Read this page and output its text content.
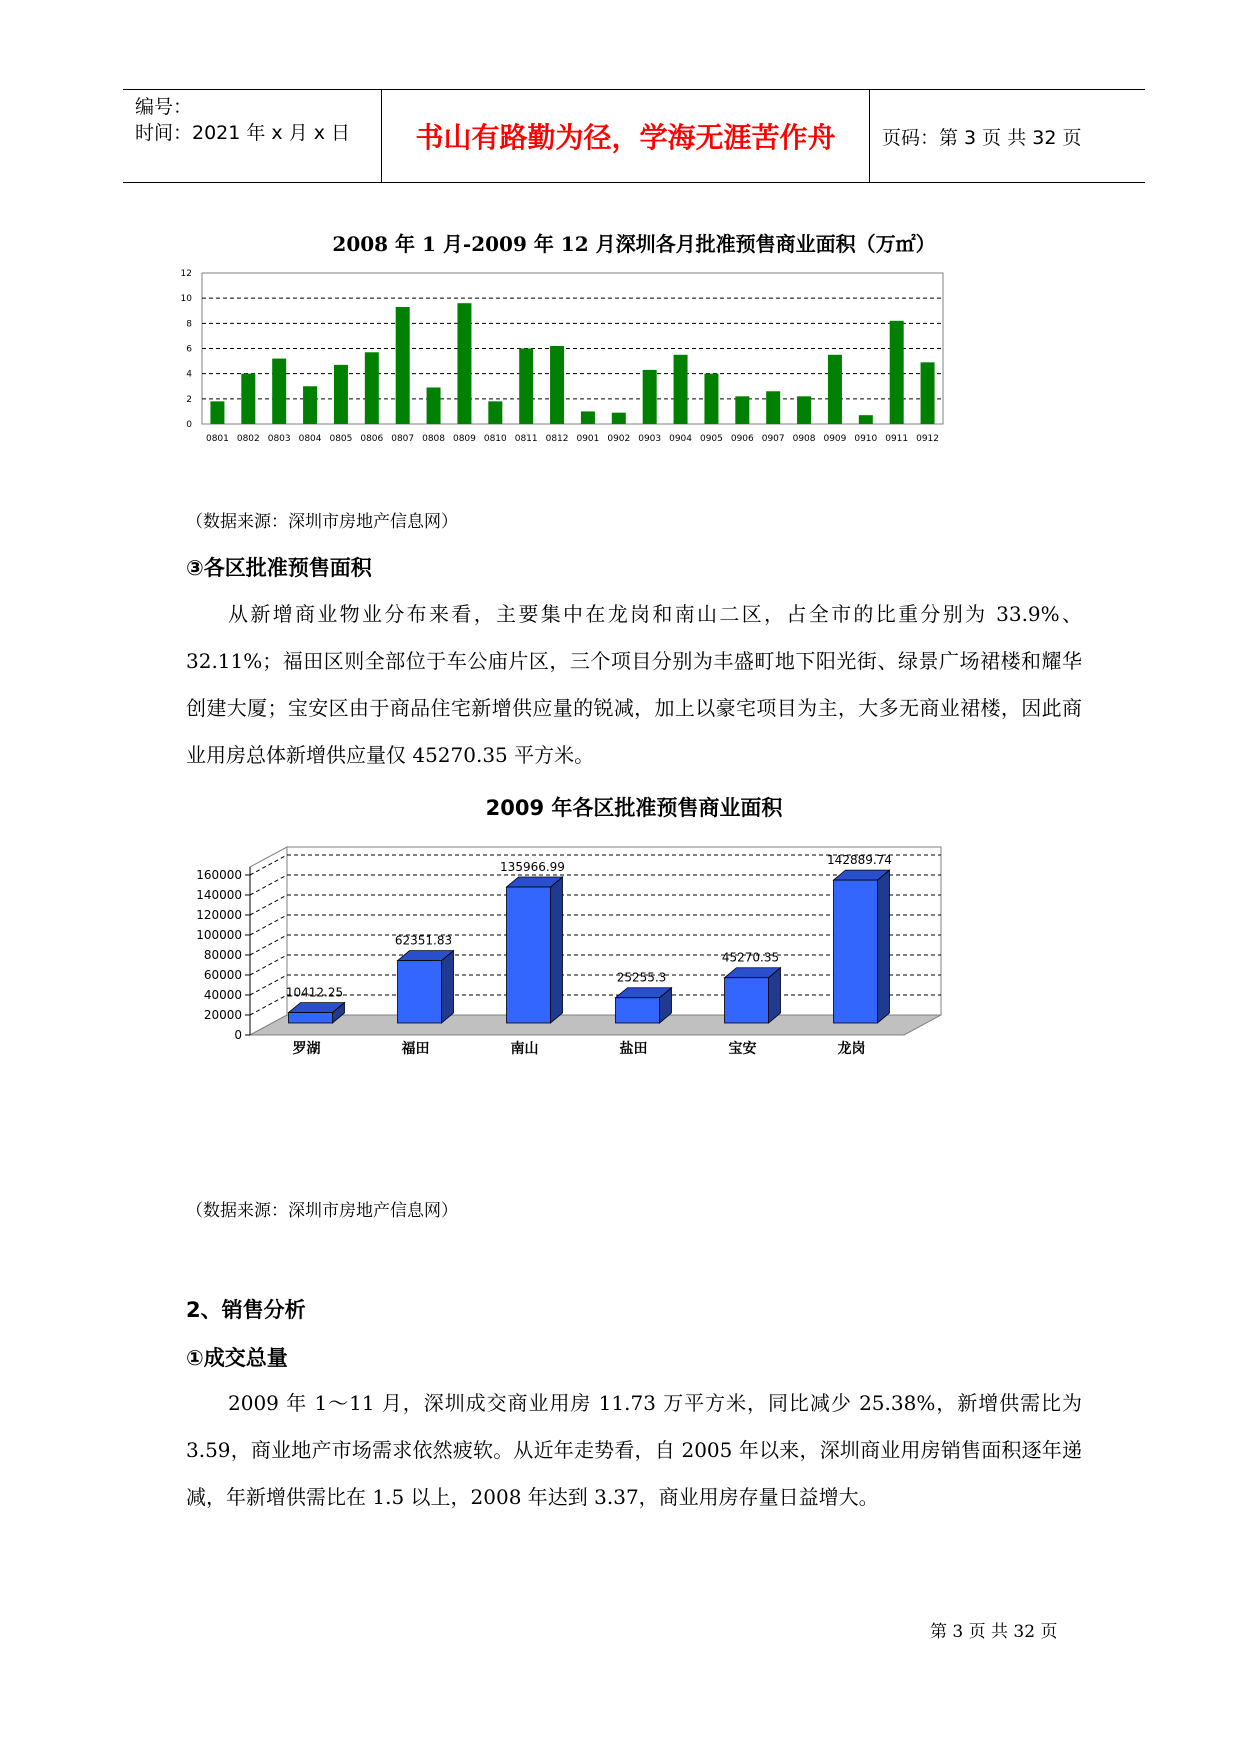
编号：
时间：2021 年 x 月 x 日	书山有路勤为径，学海无涯苦作舟	页码：第 3 页 共 32 页
2008 年 1 月-2009 年 12 月深圳各月批准预售商业面积（万㎡）
0
2
4
6
8
10
12
0801 0802 0803 0804 0805 0806 0807 0808 0809 0810 0811 0812 0901 0902 0903 0904 0905 0906 0907 0908 0909 0910 0911 0912
（数据来源：深圳市房地产信息网）
③各区批准预售面积

从新增商业物业分布来看，主要集中在龙岗和南山二区，占全市的比重分别为 33.9%、32.11%；福田区则全部位于车公庙片区，三个项目分别为丰盛町地下阳光街、绿景广场裙楼和耀华创建大厦；宝安区由于商品住宅新增供应量的锐减，加上以豪宅项目为主，大多无商业裙楼，因此商业用房总体新增供应量仅 45270.35 平方米。

2009 年各区批准预售商业面积
0
20000
40000
60000
80000
100000
120000
140000
160000
10412.25
罗湖
62351.83
福田
135966.99
南山
25255.3
盐田
45270.35
宝安
142889.74
龙岗
（数据来源：深圳市房地产信息网）
2、销售分析
①成交总量

2009 年 1～11 月，深圳成交商业用房 11.73 万平方米，同比减少 25.38%，新增供需比为 3.59，商业地产市场需求依然疲软。从近年走势看，自 2005 年以来，深圳商业用房销售面积逐年递减，年新增供需比在 1.5 以上，2008 年达到 3.37，商业用房存量日益增大。

第 3 页 共 32 页
